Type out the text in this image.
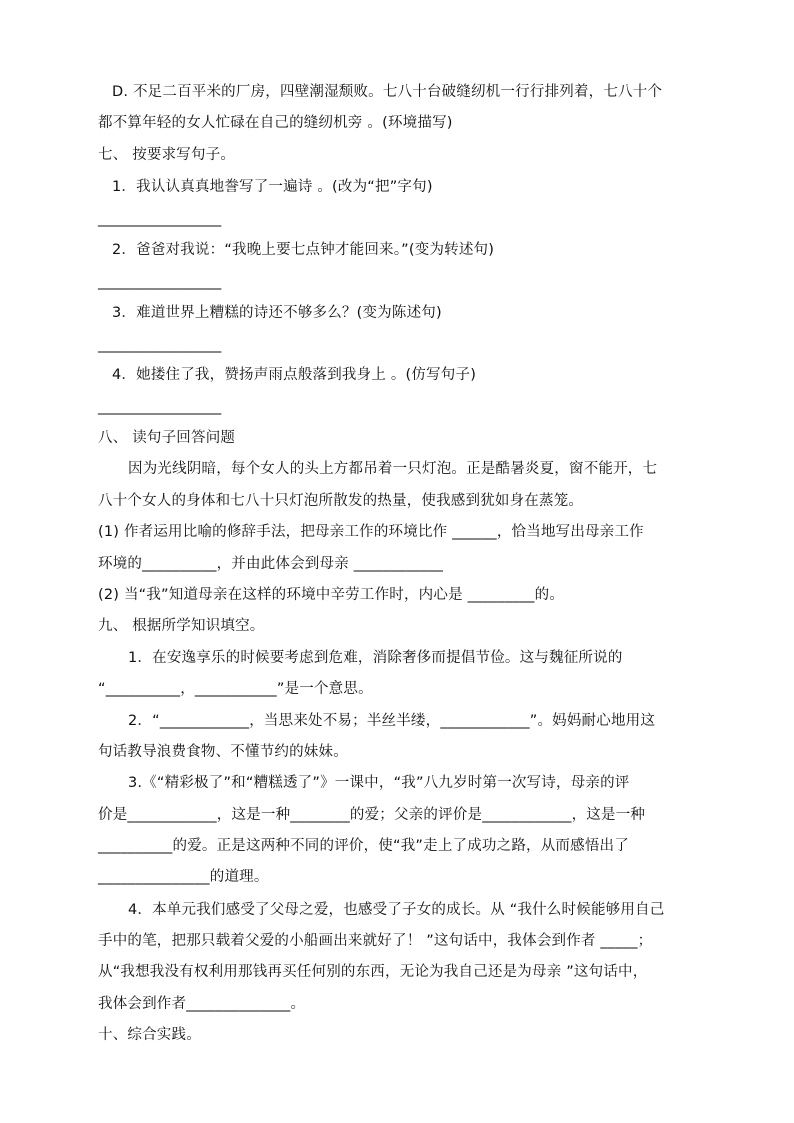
D. 不足二百平米的厂房，四壁潮湿颓败。七八十台破缝纫机一行行排列着，七八十个
都不算年轻的女人忙碌在自己的缝纫机旁 。(环境描写)
七、 按要求写句子。
1．我认认真真地誊写了一遍诗 。(改为“把”字句)
_________________
2．爸爸对我说：“我晚上要七点钟才能回来。”(变为转述句)
_________________
3．难道世界上糟糕的诗还不够多么？(变为陈述句)
_________________
4．她搂住了我，赞扬声雨点般落到我身上 。(仿写句子)
_________________
八、 读句子回答问题
因为光线阴暗，每个女人的头上方都吊着一只灯泡。正是酷暑炎夏，窗不能开，七
八十个女人的身体和七八十只灯泡所散发的热量，使我感到犹如身在蒸笼。
(1) 作者运用比喻的修辞手法，把母亲工作的环境比作 ______，恰当地写出母亲工作
环境的__________，并由此体会到母亲 ____________
(2) 当“我”知道母亲在这样的环境中辛劳工作时，内心是 _________的。
九、 根据所学知识填空。
1．在安逸享乐的时候要考虑到危难，消除奢侈而提倡节俭。这与魏征所说的
“__________，___________”是一个意思。
2．“____________，当思来处不易；半丝半缕，____________”。妈妈耐心地用这
句话教导浪费食物、不懂节约的妹妹。
3.《“精彩极了”和“糟糕透了”》一课中，“我”八九岁时第一次写诗，母亲的评
价是____________，这是一种________的爱；父亲的评价是____________，这是一种
__________的爱。正是这两种不同的评价，使“我”走上了成功之路，从而感悟出了
_______________的道理。
4．本单元我们感受了父母之爱，也感受了子女的成长。从 “我什么时候能够用自己
手中的笔，把那只载着父爱的小船画出来就好了！ ”这句话中，我体会到作者 _____；
从“我想我没有权利用那钱再买任何别的东西，无论为我自己还是为母亲 ”这句话中，
我体会到作者______________。
十、综合实践。
